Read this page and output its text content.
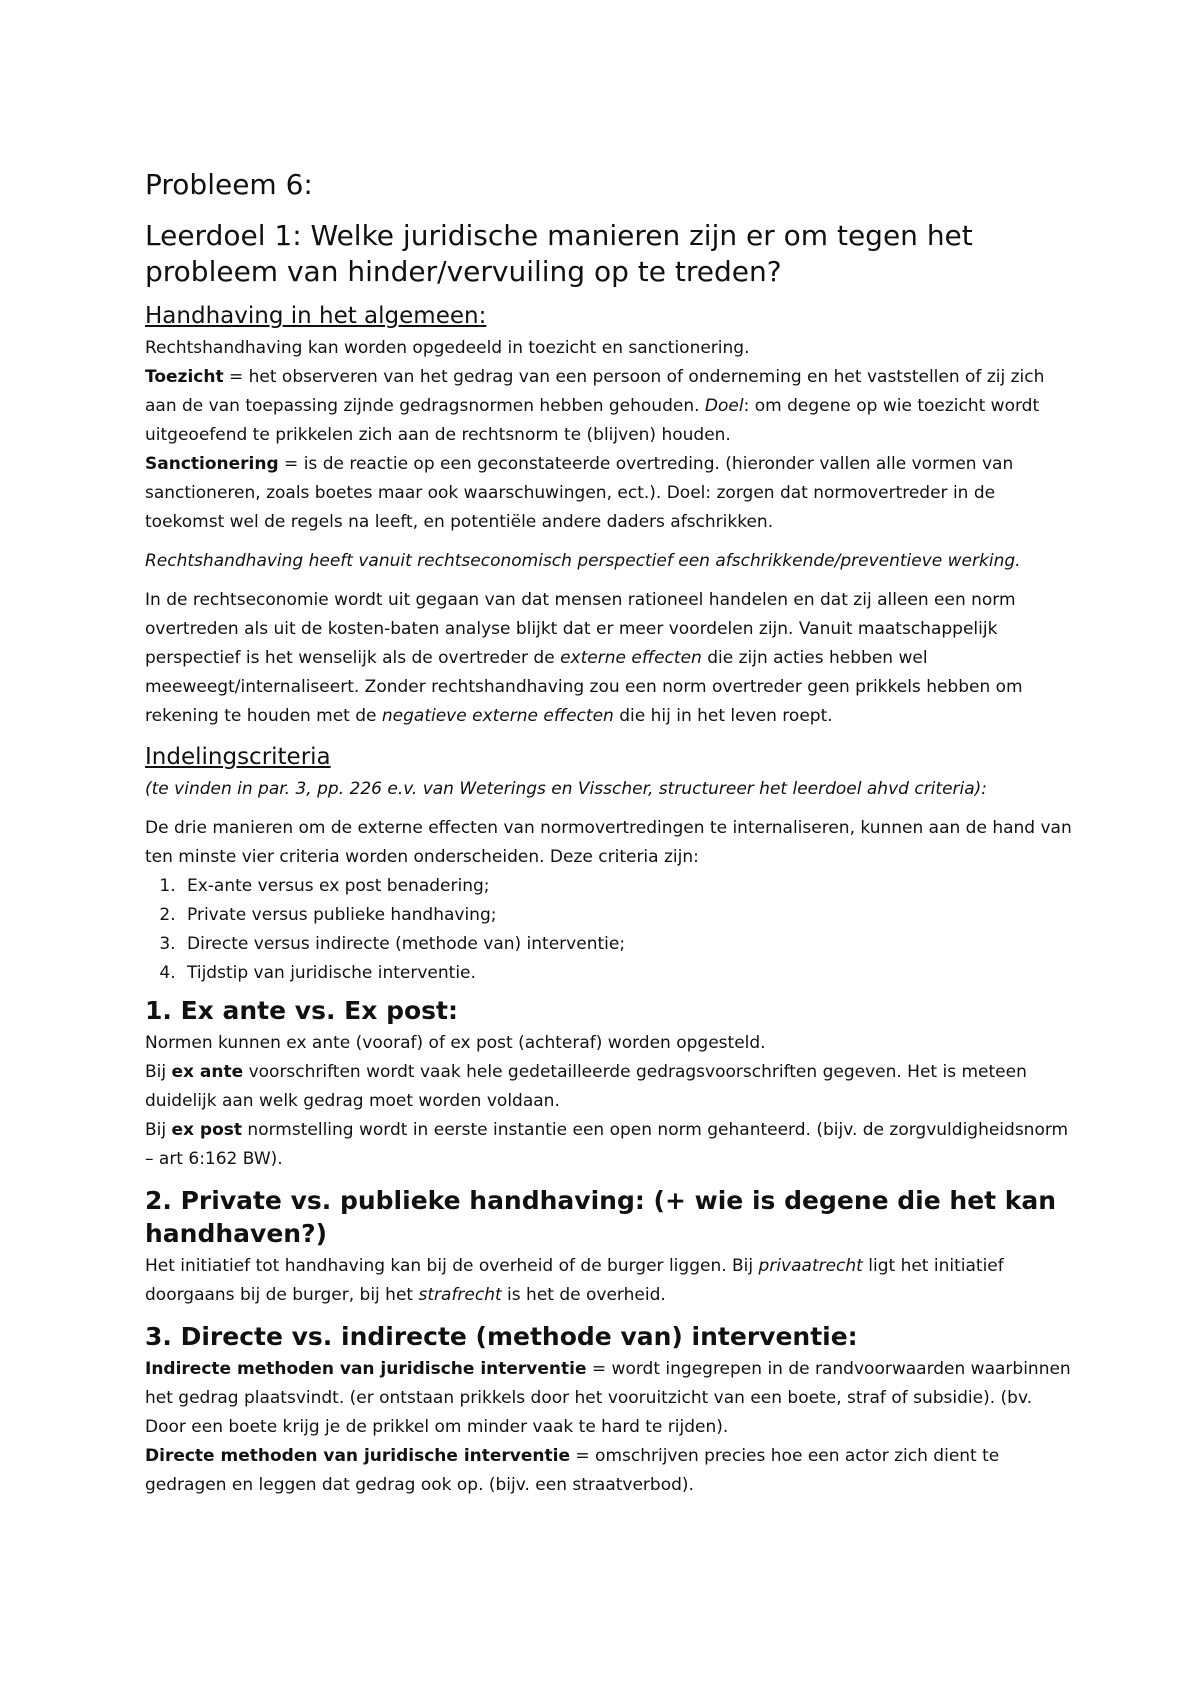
Probleem 6:
Leerdoel 1: Welke juridische manieren zijn er om tegen het probleem van hinder/vervuiling op te treden?
Handhaving in het algemeen:

Rechtshandhaving kan worden opgedeeld in toezicht en sanctionering.

Toezicht = het observeren van het gedrag van een persoon of onderneming en het vaststellen of zij zich aan de van toepassing zijnde gedragsnormen hebben gehouden. Doel: om degene op wie toezicht wordt uitgeoefend te prikkelen zich aan de rechtsnorm te (blijven) houden.

Sanctionering = is de reactie op een geconstateerde overtreding. (hieronder vallen alle vormen van sanctioneren, zoals boetes maar ook waarschuwingen, ect.). Doel: zorgen dat normovertreder in de toekomst wel de regels na leeft, en potentiële andere daders afschrikken.

Rechtshandhaving heeft vanuit rechtseconomisch perspectief een afschrikkende/preventieve werking.

In de rechtseconomie wordt uit gegaan van dat mensen rationeel handelen en dat zij alleen een norm overtreden als uit de kosten-baten analyse blijkt dat er meer voordelen zijn. Vanuit maatschappelijk perspectief is het wenselijk als de overtreder de externe effecten die zijn acties hebben wel meeweegt/internaliseert. Zonder rechtshandhaving zou een norm overtreder geen prikkels hebben om rekening te houden met de negatieve externe effecten die hij in het leven roept.

Indelingscriteria

(te vinden in par. 3, pp. 226 e.v. van Weterings en Visscher, structureer het leerdoel ahvd criteria):

De drie manieren om de externe effecten van normovertredingen te internaliseren, kunnen aan de hand van ten minste vier criteria worden onderscheiden. Deze criteria zijn:

1. Ex-ante versus ex post benadering;
2. Private versus publieke handhaving;
3. Directe versus indirecte (methode van) interventie;
4. Tijdstip van juridische interventie.
1. Ex ante vs. Ex post:

Normen kunnen ex ante (vooraf) of ex post (achteraf) worden opgesteld.

Bij ex ante voorschriften wordt vaak hele gedetailleerde gedragsvoorschriften gegeven. Het is meteen duidelijk aan welk gedrag moet worden voldaan.

Bij ex post normstelling wordt in eerste instantie een open norm gehanteerd. (bijv. de zorgvuldigheidsnorm – art 6:162 BW).

2. Private vs. publieke handhaving: (+ wie is degene die het kan handhaven?)

Het initiatief tot handhaving kan bij de overheid of de burger liggen. Bij privaatrecht ligt het initiatief doorgaans bij de burger, bij het strafrecht is het de overheid.

3. Directe vs. indirecte (methode van) interventie:

Indirecte methoden van juridische interventie = wordt ingegrepen in de randvoorwaarden waarbinnen het gedrag plaatsvindt. (er ontstaan prikkels door het vooruitzicht van een boete, straf of subsidie). (bv. Door een boete krijg je de prikkel om minder vaak te hard te rijden).

Directe methoden van juridische interventie = omschrijven precies hoe een actor zich dient te gedragen en leggen dat gedrag ook op. (bijv. een straatverbod).
